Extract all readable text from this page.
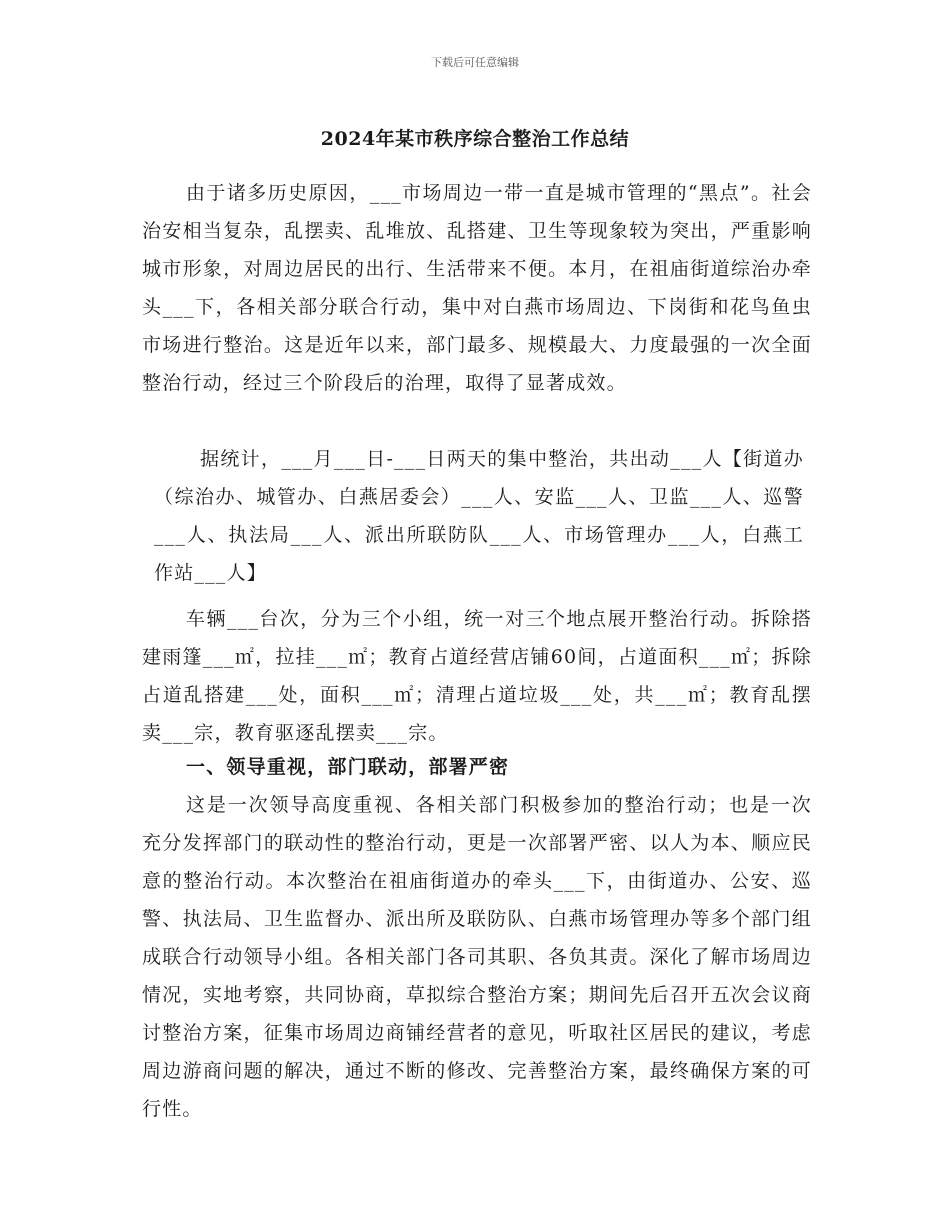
下载后可任意编辑
2024年某市秩序综合整治工作总结

由于诸多历史原因，___市场周边一带一直是城市管理的“黑点”。社会治安相当复杂，乱摆卖、乱堆放、乱搭建、卫生等现象较为突出，严重影响城市形象，对周边居民的出行、生活带来不便。本月，在祖庙街道综治办牵头___下，各相关部分联合行动，集中对白燕市场周边、下岗街和花鸟鱼虫市场进行整治。这是近年以来，部门最多、规模最大、力度最强的一次全面整治行动，经过三个阶段后的治理，取得了显著成效。

据统计，___月___日-___日两天的集中整治，共出动___人【街道办（综治办、城管办、白燕居委会）___人、安监___人、卫监___人、巡警___人、执法局___人、派出所联防队___人、市场管理办___人，白燕工作站___人】

车辆___台次，分为三个小组，统一对三个地点展开整治行动。拆除搭建雨篷___㎡，拉挂___㎡；教育占道经营店铺60间，占道面积___㎡；拆除占道乱搭建___处，面积___㎡；清理占道垃圾___处，共___㎡；教育乱摆卖___宗，教育驱逐乱摆卖___宗。

一、领导重视，部门联动，部署严密

这是一次领导高度重视、各相关部门积极参加的整治行动；也是一次充分发挥部门的联动性的整治行动，更是一次部署严密、以人为本、顺应民意的整治行动。本次整治在祖庙街道办的牵头___下，由街道办、公安、巡警、执法局、卫生监督办、派出所及联防队、白燕市场管理办等多个部门组成联合行动领导小组。各相关部门各司其职、各负其责。深化了解市场周边情况，实地考察，共同协商，草拟综合整治方案；期间先后召开五次会议商讨整治方案，征集市场周边商铺经营者的意见，听取社区居民的建议，考虑周边游商问题的解决，通过不断的修改、完善整治方案，最终确保方案的可行性。
